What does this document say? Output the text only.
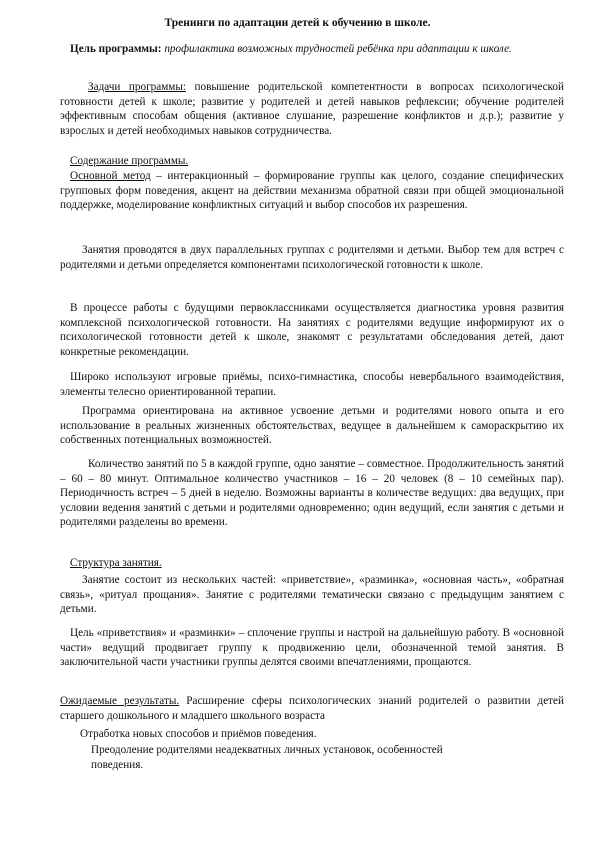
Тренинги по адаптации детей к обучению в школе.
Цель программы: профилактика возможных трудностей ребёнка при адаптации к школе.
Задачи программы: повышение родительской компетентности в вопросах психологической готовности детей к школе; развитие у родителей и детей навыков рефлексии; обучение родителей эффективным способам общения (активное слушание, разрешение конфликтов и д.р.); развитие у взрослых и детей необходимых навыков сотрудничества.
Содержание программы.
Основной метод – интеракционный – формирование группы как целого, создание специфических групповых форм поведения, акцент на действии механизма обратной связи при общей эмоциональной поддержке, моделирование конфликтных ситуаций и выбор способов их разрешения.
Занятия проводятся в двух параллельных группах с родителями и детьми. Выбор тем для встреч с родителями и детьми определяется компонентами психологической готовности к школе.
В процессе работы с будущими первоклассниками осуществляется диагностика уровня развития комплексной психологической готовности. На занятиях с родителями ведущие информируют их о психологической готовности детей к школе, знакомят с результатами обследования детей, дают конкретные рекомендации.
Широко используют игровые приёмы, психо-гимнастика, способы невербального взаимодействия, элементы телесно ориентированной терапии.
Программа ориентирована на активное усвоение детьми и родителями нового опыта и его использование в реальных жизненных обстоятельствах, ведущее в дальнейшем к самораскрытию их собственных потенциальных возможностей.
Количество занятий по 5 в каждой группе, одно занятие – совместное. Продолжительность занятий – 60 – 80 минут. Оптимальное количество участников – 16 – 20 человек (8 – 10 семейных пар). Периодичность встреч – 5 дней в неделю. Возможны варианты в количестве ведущих: два ведущих, при условии ведения занятий с детьми и родителями одновременно; один ведущий, если занятия с детьми и родителями разделены во времени.
Структура занятия.
Занятие состоит из нескольких частей: «приветствие», «разминка», «основная часть», «обратная связь», «ритуал прощания». Занятие с родителями тематически связано с предыдущим занятием с детьми.
Цель «приветствия» и «разминки» – сплочение группы и настрой на дальнейшую работу. В «основной части» ведущий продвигает группу к продвижению цели, обозначенной темой занятия. В заключительной части участники группы делятся своими впечатлениями, прощаются.
Ожидаемые результаты. Расширение сферы психологических знаний родителей о развитии детей старшего дошкольного и младшего школьного возраста
Отработка новых способов и приёмов поведения.
Преодоление родителями неадекватных личных установок, особенностей поведения.
